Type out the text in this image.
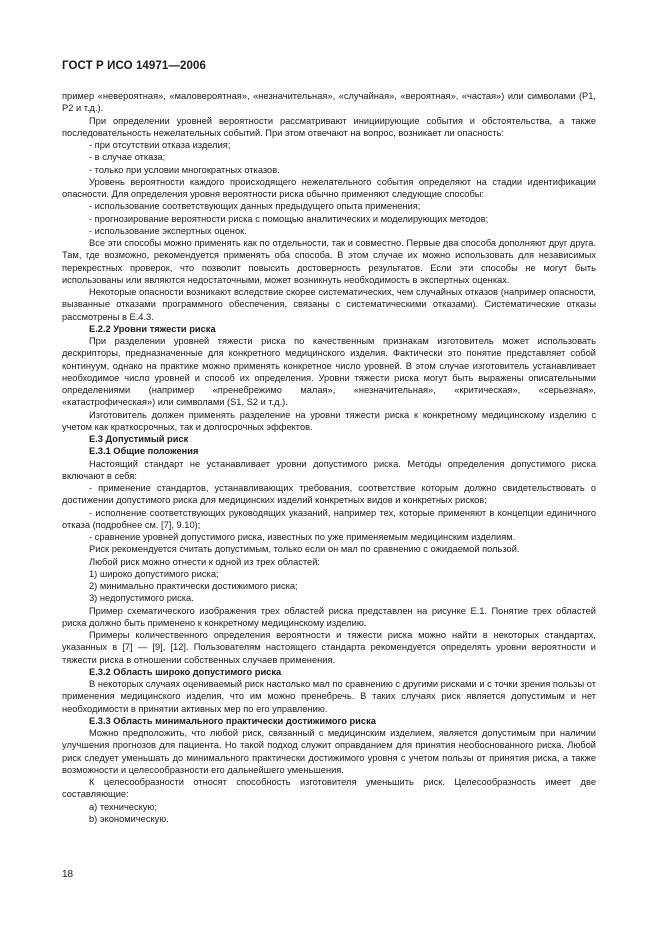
ГОСТ Р ИСО 14971—2006

пример «невероятная», «маловероятная», «незначительная», «случайная», «вероятная», «частая») или символами (P1, P2 и т.д.).

При определении уровней вероятности рассматривают инициирующие события и обстоятельства, а также последовательность нежелательных событий. При этом отвечают на вопрос, возникает ли опасность:

- при отсутствии отказа изделия;

- в случае отказа;

- только при условии многократных отказов.

Уровень вероятности каждого происходящего нежелательного события определяют на стадии идентификации опасности. Для определения уровня вероятности риска обычно применяют следующие способы:

- использование соответствующих данных предыдущего опыта применения;

- прогнозирование вероятности риска с помощью аналитических и моделирующих методов;

- использование экспертных оценок.

Все эти способы можно применять как по отдельности, так и совместно. Первые два способа дополняют друг друга. Там, где возможно, рекомендуется применять оба способа. В этом случае их можно использовать для независимых перекрестных проверок, что позволит повысить достоверность результатов. Если эти способы не могут быть использованы или являются недостаточными, может возникнуть необходимость в экспертных оценках.

Некоторые опасности возникают вследствие скорее систематических, чем случайных отказов (например опасности, вызванные отказами программного обеспечения, связаны с систематическими отказами). Систематические отказы рассмотрены в Е.4.3.

Е.2.2 Уровни тяжести риска

При разделении уровней тяжести риска по качественным признакам изготовитель может использовать дескрипторы, предназначенные для конкретного медицинского изделия. Фактически это понятие представляет собой континуум, однако на практике можно применять конкретное число уровней. В этом случае изготовитель устанавливает необходимое число уровней и способ их определения. Уровни тяжести риска могут быть выражены описательными определениями (например «пренебрежимо малая», «незначительная», «критическая», «серьезная», «катастрофическая») или символами (S1, S2 и т.д.).

Изготовитель должен применять разделение на уровни тяжести риска к конкретному медицинскому изделию с учетом как краткосрочных, так и долгосрочных эффектов.

Е.3 Допустимый риск

Е.3.1 Общие положения

Настоящий стандарт не устанавливает уровни допустимого риска. Методы определения допустимого риска включают в себя:

- применение стандартов, устанавливающих требования, соответствие которым должно свидетельствовать о достижении допустимого риска для медицинских изделий конкретных видов и конкретных рисков;

- исполнение соответствующих руководящих указаний, например тех, которые применяют в концепции единичного отказа (подробнее см. [7], 9.10);

- сравнение уровней допустимого риска, известных по уже применяемым медицинским изделиям.

Риск рекомендуется считать допустимым, только если он мал по сравнению с ожидаемой пользой.

Любой риск можно отнести к одной из трех областей:

1) широко допустимого риска;

2) минимально практически достижимого риска;

3) недопустимого риска.

Пример схематического изображения трех областей риска представлен на рисунке Е.1. Понятие трех областей риска должно быть применено к конкретному медицинскому изделию.

Примеры количественного определения вероятности и тяжести риска можно найти в некоторых стандартах, указанных в [7] — [9], [12]. Пользователям настоящего стандарта рекомендуется определять уровни вероятности и тяжести риска в отношении собственных случаев применения.

Е.3.2 Область широко допустимого риска

В некоторых случаях оцениваемый риск настолько мал по сравнению с другими рисками и с точки зрения пользы от применения медицинского изделия, что им можно пренебречь. В таких случаях риск является допустимым и нет необходимости в принятии активных мер по его управлению.

Е.3.3 Область минимального практически достижимого риска

Можно предположить, что любой риск, связанный с медицинским изделием, является допустимым при наличии улучшения прогнозов для пациента. Но такой подход служит оправданием для принятия необоснованного риска. Любой риск следует уменьшать до минимального практически достижимого уровня с учетом пользы от принятия риска, а также возможности и целесообразности его дальнейшего уменьшения.

К целесообразности относят способность изготовителя уменьшить риск. Целесообразность имеет две составляющие:

a) техническую;

b) экономическую.

18
